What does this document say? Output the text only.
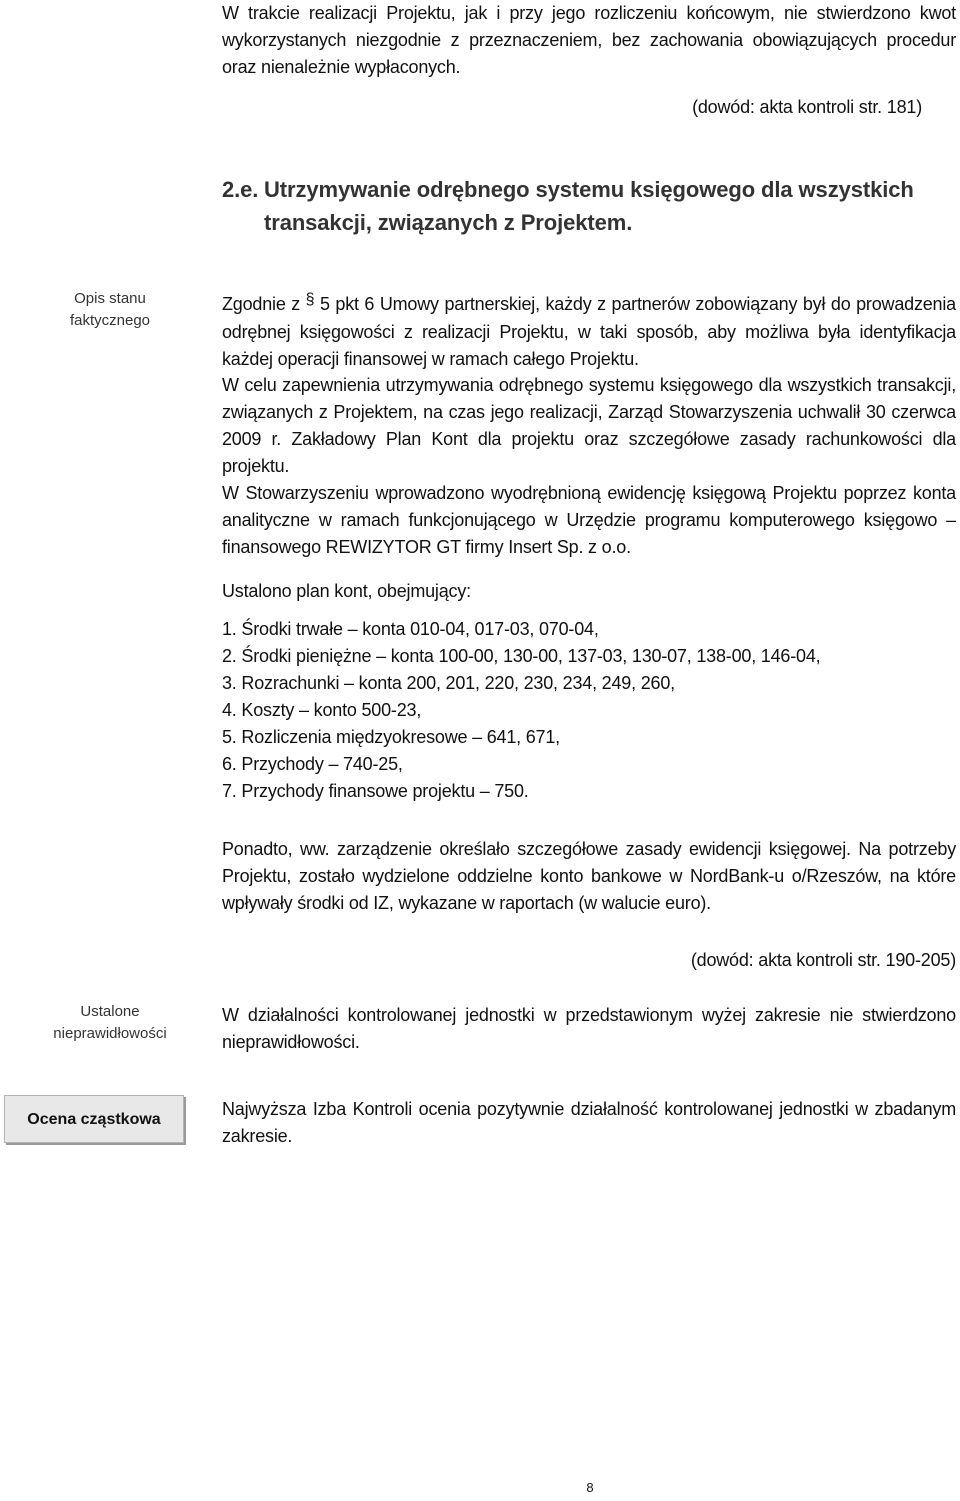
W trakcie realizacji Projektu, jak i przy jego rozliczeniu końcowym, nie stwierdzono kwot wykorzystanych niezgodnie z przeznaczeniem, bez zachowania obowiązujących procedur oraz nienależnie wypłaconych.
(dowód: akta kontroli str. 181)
2.e. Utrzymywanie odrębnego systemu księgowego dla wszystkich
transakcji, związanych z Projektem.
Opis stanu
faktycznego
Zgodnie z § 5 pkt 6 Umowy partnerskiej, każdy z partnerów zobowiązany był do prowadzenia odrębnej księgowości z realizacji Projektu, w taki sposób, aby możliwa była identyfikacja każdej operacji finansowej w ramach całego Projektu.
W celu zapewnienia utrzymywania odrębnego systemu księgowego dla wszystkich transakcji, związanych z Projektem, na czas jego realizacji, Zarząd Stowarzyszenia uchwalił 30 czerwca 2009 r. Zakładowy Plan Kont dla projektu oraz szczegółowe zasady rachunkowości dla projektu.
W Stowarzyszeniu wprowadzono wyodrębnioną ewidencję księgową Projektu poprzez konta analityczne w ramach funkcjonującego w Urzędzie programu komputerowego księgowo – finansowego REWIZYTOR GT firmy Insert Sp. z o.o.
Ustalono plan kont, obejmujący:
1. Środki trwałe – konta 010-04, 017-03, 070-04,
2. Środki pieniężne – konta 100-00, 130-00, 137-03, 130-07, 138-00, 146-04,
3. Rozrachunki – konta 200, 201, 220, 230, 234, 249, 260,
4. Koszty – konto 500-23,
5. Rozliczenia międzyokresowe – 641, 671,
6. Przychody – 740-25,
7. Przychody finansowe projektu – 750.
Ponadto, ww. zarządzenie określało szczegółowe zasady ewidencji księgowej. Na potrzeby Projektu, zostało wydzielone oddzielne konto bankowe w NordBank-u o/Rzeszów, na które wpływały środki od IZ, wykazane w raportach (w walucie euro).
(dowód: akta kontroli str. 190-205)
Ustalone
nieprawidłowości
W działalności kontrolowanej jednostki w przedstawionym wyżej zakresie nie stwierdzono nieprawidłowości.
Ocena cząstkowa
Najwyższa Izba Kontroli ocenia pozytywnie działalność kontrolowanej jednostki w zbadanym zakresie.
8
